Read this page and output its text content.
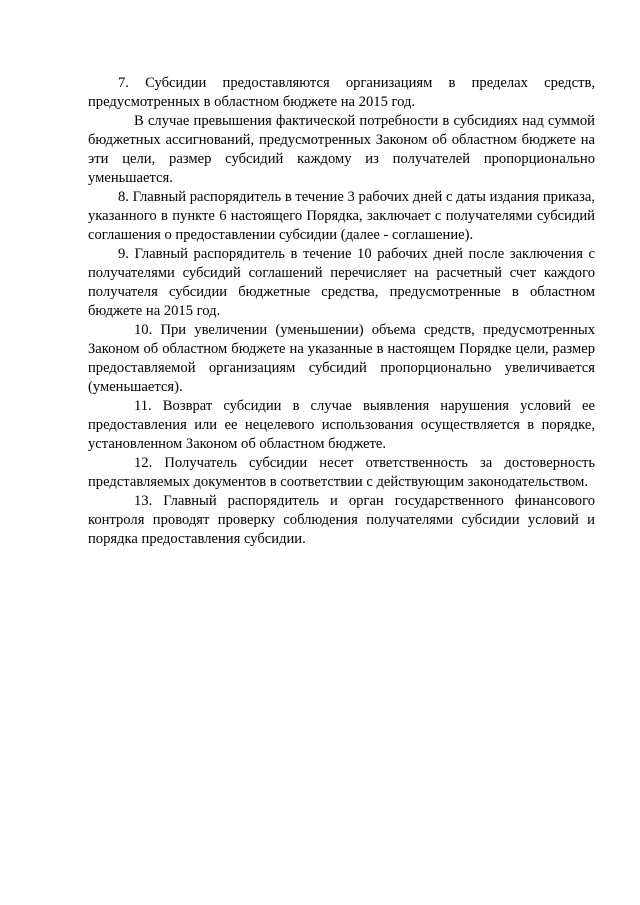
7. Субсидии предоставляются организациям в пределах средств, предусмотренных в областном бюджете на 2015 год.

В случае превышения фактической потребности в субсидиях над суммой бюджетных ассигнований, предусмотренных Законом об областном бюджете на эти цели, размер субсидий каждому из получателей пропорционально уменьшается.

8. Главный распорядитель в течение 3 рабочих дней с даты издания приказа, указанного в пункте 6 настоящего Порядка, заключает с получателями субсидий соглашения о предоставлении субсидии (далее - соглашение).

9. Главный распорядитель в течение 10 рабочих дней после заключения с получателями субсидий соглашений перечисляет на расчетный счет каждого получателя субсидии бюджетные средства, предусмотренные в областном бюджете на 2015 год.

10. При увеличении (уменьшении) объема средств, предусмотренных Законом об областном бюджете на указанные в настоящем Порядке цели, размер предоставляемой организациям субсидий пропорционально увеличивается (уменьшается).

11. Возврат субсидии в случае выявления нарушения условий ее предоставления или ее нецелевого использования осуществляется в порядке, установленном Законом об областном бюджете.

12. Получатель субсидии несет ответственность за достоверность представляемых документов в соответствии с действующим законодательством.

13. Главный распорядитель и орган государственного финансового контроля проводят проверку соблюдения получателями субсидии условий и порядка предоставления субсидии.
